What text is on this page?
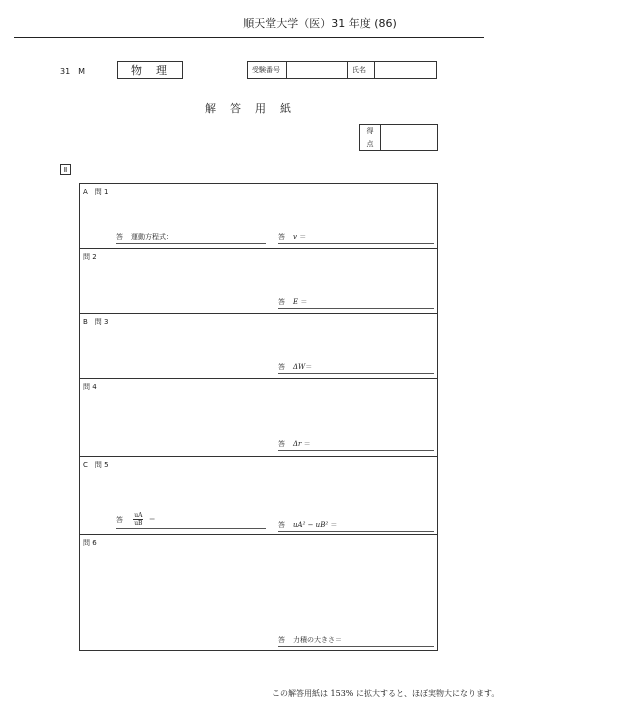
順天堂大学（医）31 年度 (86)
31　M	物理	受験番号	氏名
解答用紙
得
点
Ⅱ
A　問 1
答 運動方程式：	答 v ＝
問 2
答 E ＝
B　問 3
答 ΔW＝
問 4
答 Δr ＝
C　問 5
答 $\frac{uA}{uB}$ ＝
答 uA² − uB² ＝
問 6
答 力積の大きさ＝
この解答用紙は 153% に拡大すると、ほぼ実物大になります。
